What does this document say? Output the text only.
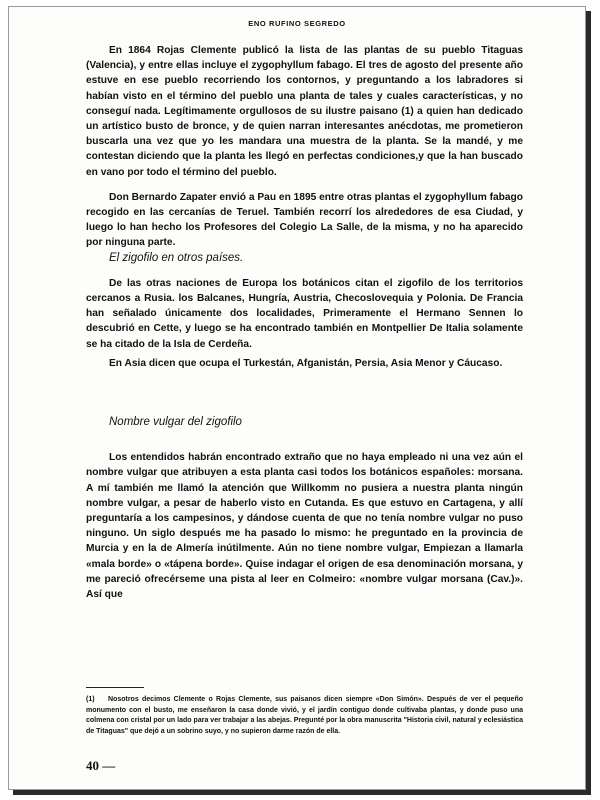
ENO RUFINO SEGREDO

En 1864 Rojas Clemente publicó la lista de las plantas de su pueblo Titaguas (Valencia), y entre ellas incluye el zygophyllum fabago. El tres de agosto del presente año estuve en ese pueblo recorriendo los contornos, y preguntando a los labradores si habían visto en el término del pueblo una planta de tales y cuales características, y no conseguí nada. Legítimamente orgullosos de su ilustre paisano (1) a quien han dedicado un artístico busto de bronce, y de quien narran interesantes anécdotas, me prometieron buscarla una vez que yo les mandara una muestra de la planta. Se la mandé, y me contestan diciendo que la planta les llegó en perfectas condiciones,y que la han buscado en vano por todo el término del pueblo.

Don Bernardo Zapater envió a Pau en 1895 entre otras plantas el zygophyllum fabago recogido en las cercanías de Teruel. También recorrí los alrededores de esa Ciudad, y luego lo han hecho los Profesores del Colegio La Salle, de la misma, y no ha aparecido por ninguna parte.

El zigofilo en otros países.

De las otras naciones de Europa los botánicos citan el zigofilo de los territorios cercanos a Rusia. los Balcanes, Hungría, Austria, Checoslovequia y Polonia. De Francia han señalado únicamente dos localidades, Primeramente el Hermano Sennen lo descubrió en Cette, y luego se ha encontrado también en Montpellier De Italia solamente se ha citado de la Isla de Cerdeña.

En Asia dicen que ocupa el Turkestán, Afganistán, Persia, Asia Menor y Cáucaso.

Nombre vulgar del zigofilo

Los entendidos habrán encontrado extraño que no haya empleado ni una vez aún el nombre vulgar que atribuyen a esta planta casi todos los botánicos españoles: morsana. A mí también me llamó la atención que Willkomm no pusiera a nuestra planta ningún nombre vulgar, a pesar de haberlo visto en Cutanda. Es que estuvo en Cartagena, y allí preguntaría a los campesinos, y dándose cuenta de que no tenía nombre vulgar no puso ninguno. Un siglo después me ha pasado lo mismo: he preguntado en la provincia de Murcia y en la de Almería inútilmente. Aún no tiene nombre vulgar, Empiezan a llamarla «mala borde» o «tápena borde». Quise indagar el origen de esa denominación morsana, y me pareció ofrecérseme una pista al leer en Colmeiro: «nombre vulgar morsana (Cav.)». Así que

(1) Nosotros decimos Clemente o Rojas Clemente, sus paisanos dicen siempre «Don Simón». Después de ver el pequeño monumento con el busto, me enseñaron la casa donde vivió, y el jardín contiguo donde cultivaba plantas, y donde puso una colmena con cristal por un lado para ver trabajar a las abejas. Pregunté por la obra manuscrita "Historia civil, natural y eclesiástica de Titaguas" que dejó a un sobrino suyo, y no supieron darme razón de ella.
40 —
